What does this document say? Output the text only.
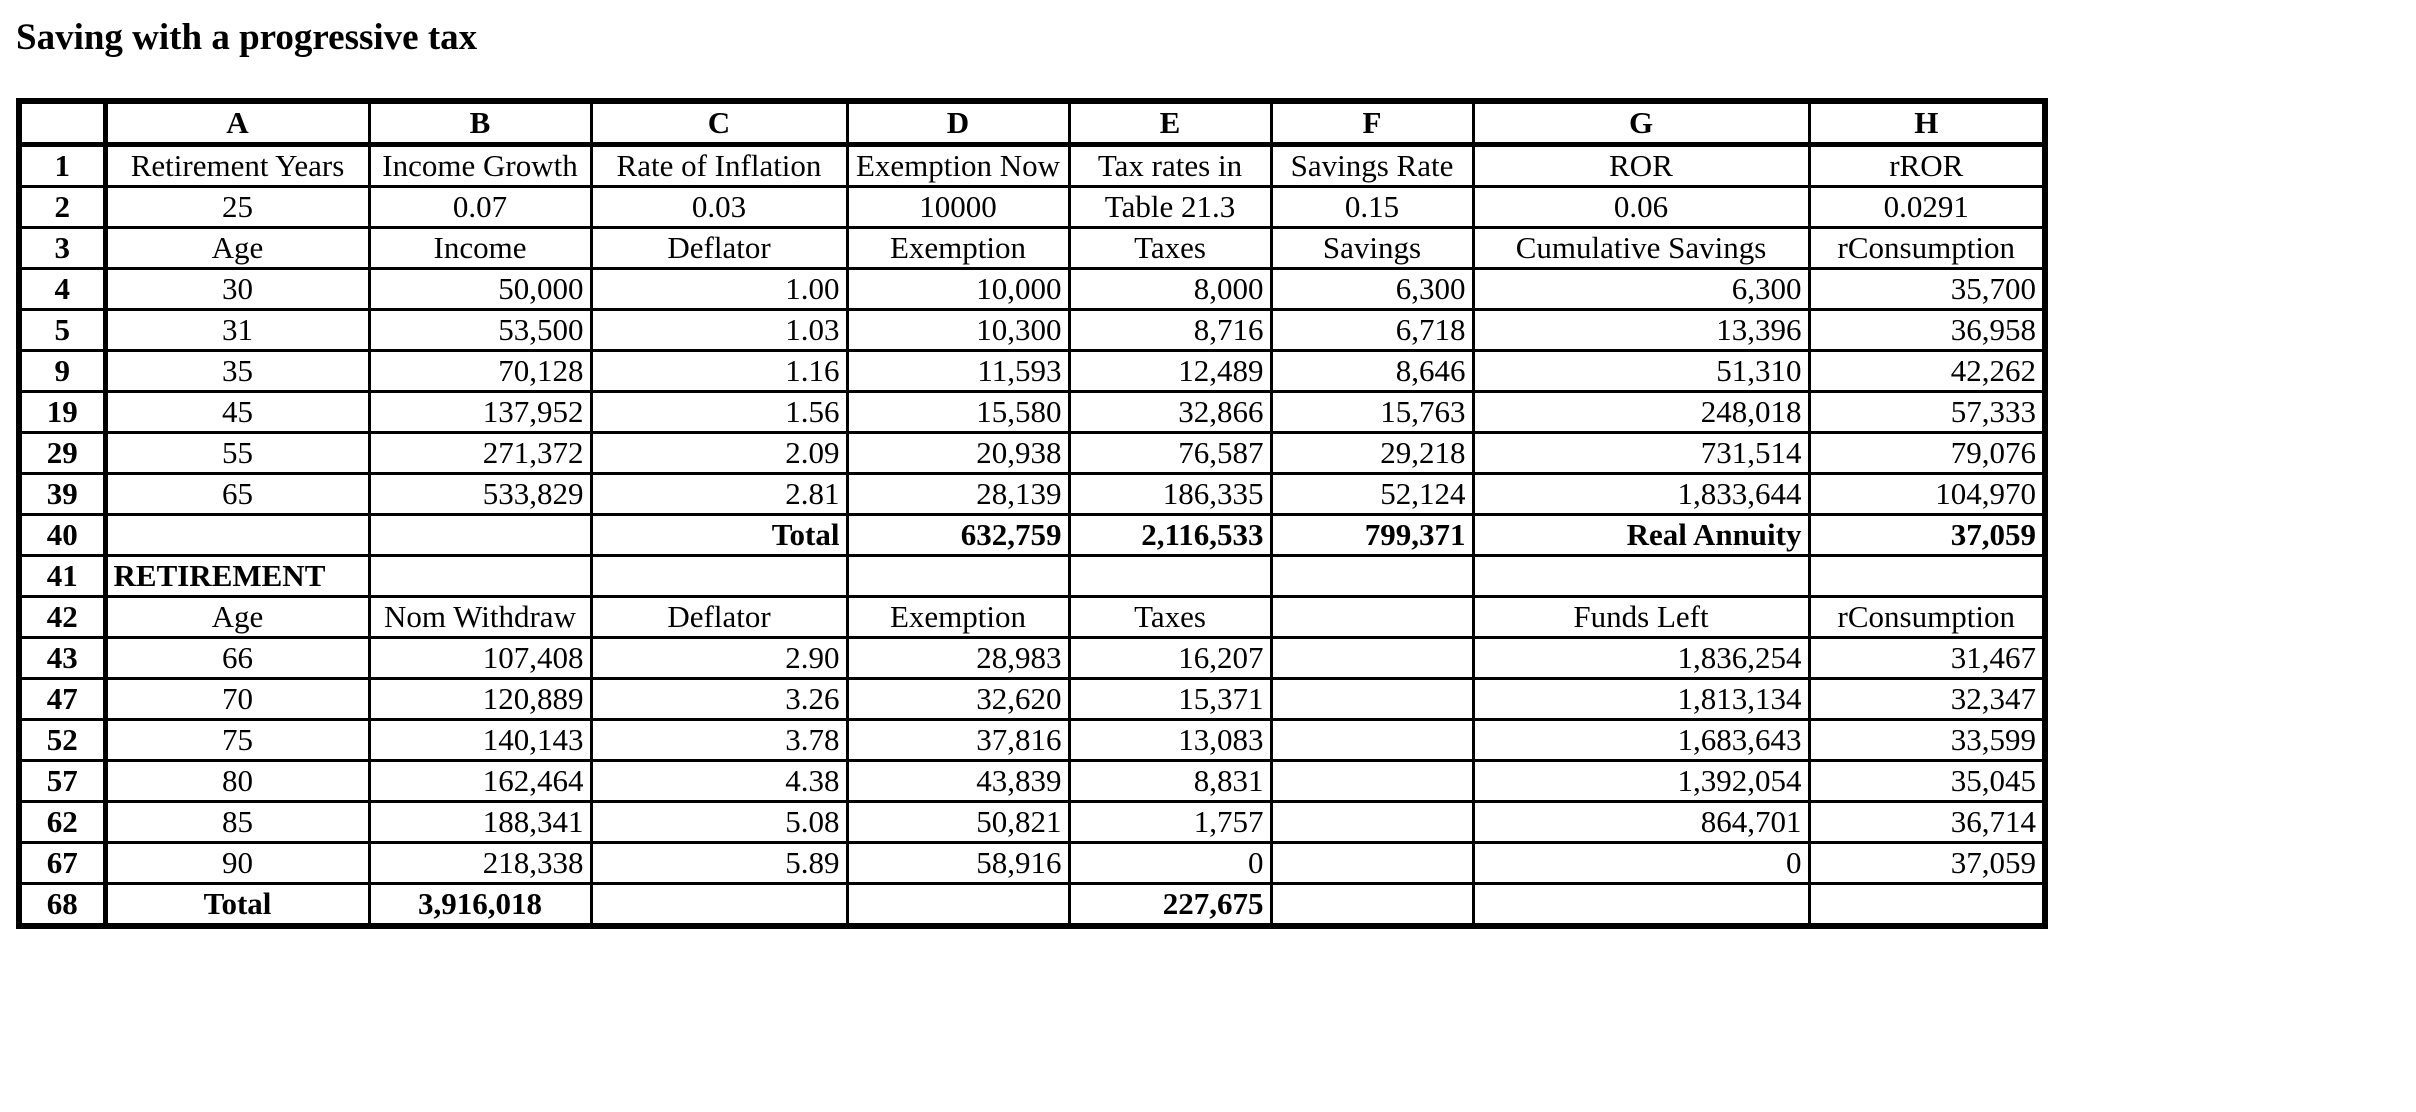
Saving with a progressive tax
	A	B	C	D	E	F	G	H
1	Retirement Years	Income Growth	Rate of Inflation	Exemption Now	Tax rates in	Savings Rate	ROR	rROR
2	25	0.07	0.03	10000	Table 21.3	0.15	0.06	0.0291
3	Age	Income	Deflator	Exemption	Taxes	Savings	Cumulative Savings	rConsumption
4	30	50,000	1.00	10,000	8,000	6,300	6,300	35,700
5	31	53,500	1.03	10,300	8,716	6,718	13,396	36,958
9	35	70,128	1.16	11,593	12,489	8,646	51,310	42,262
19	45	137,952	1.56	15,580	32,866	15,763	248,018	57,333
29	55	271,372	2.09	20,938	76,587	29,218	731,514	79,076
39	65	533,829	2.81	28,139	186,335	52,124	1,833,644	104,970
40			Total	632,759	2,116,533	799,371	Real Annuity	37,059
41	RETIREMENT							
42	Age	Nom Withdraw	Deflator	Exemption	Taxes		Funds Left	rConsumption
43	66	107,408	2.90	28,983	16,207		1,836,254	31,467
47	70	120,889	3.26	32,620	15,371		1,813,134	32,347
52	75	140,143	3.78	37,816	13,083		1,683,643	33,599
57	80	162,464	4.38	43,839	8,831		1,392,054	35,045
62	85	188,341	5.08	50,821	1,757		864,701	36,714
67	90	218,338	5.89	58,916	0		0	37,059
68	Total	3,916,018			227,675			
